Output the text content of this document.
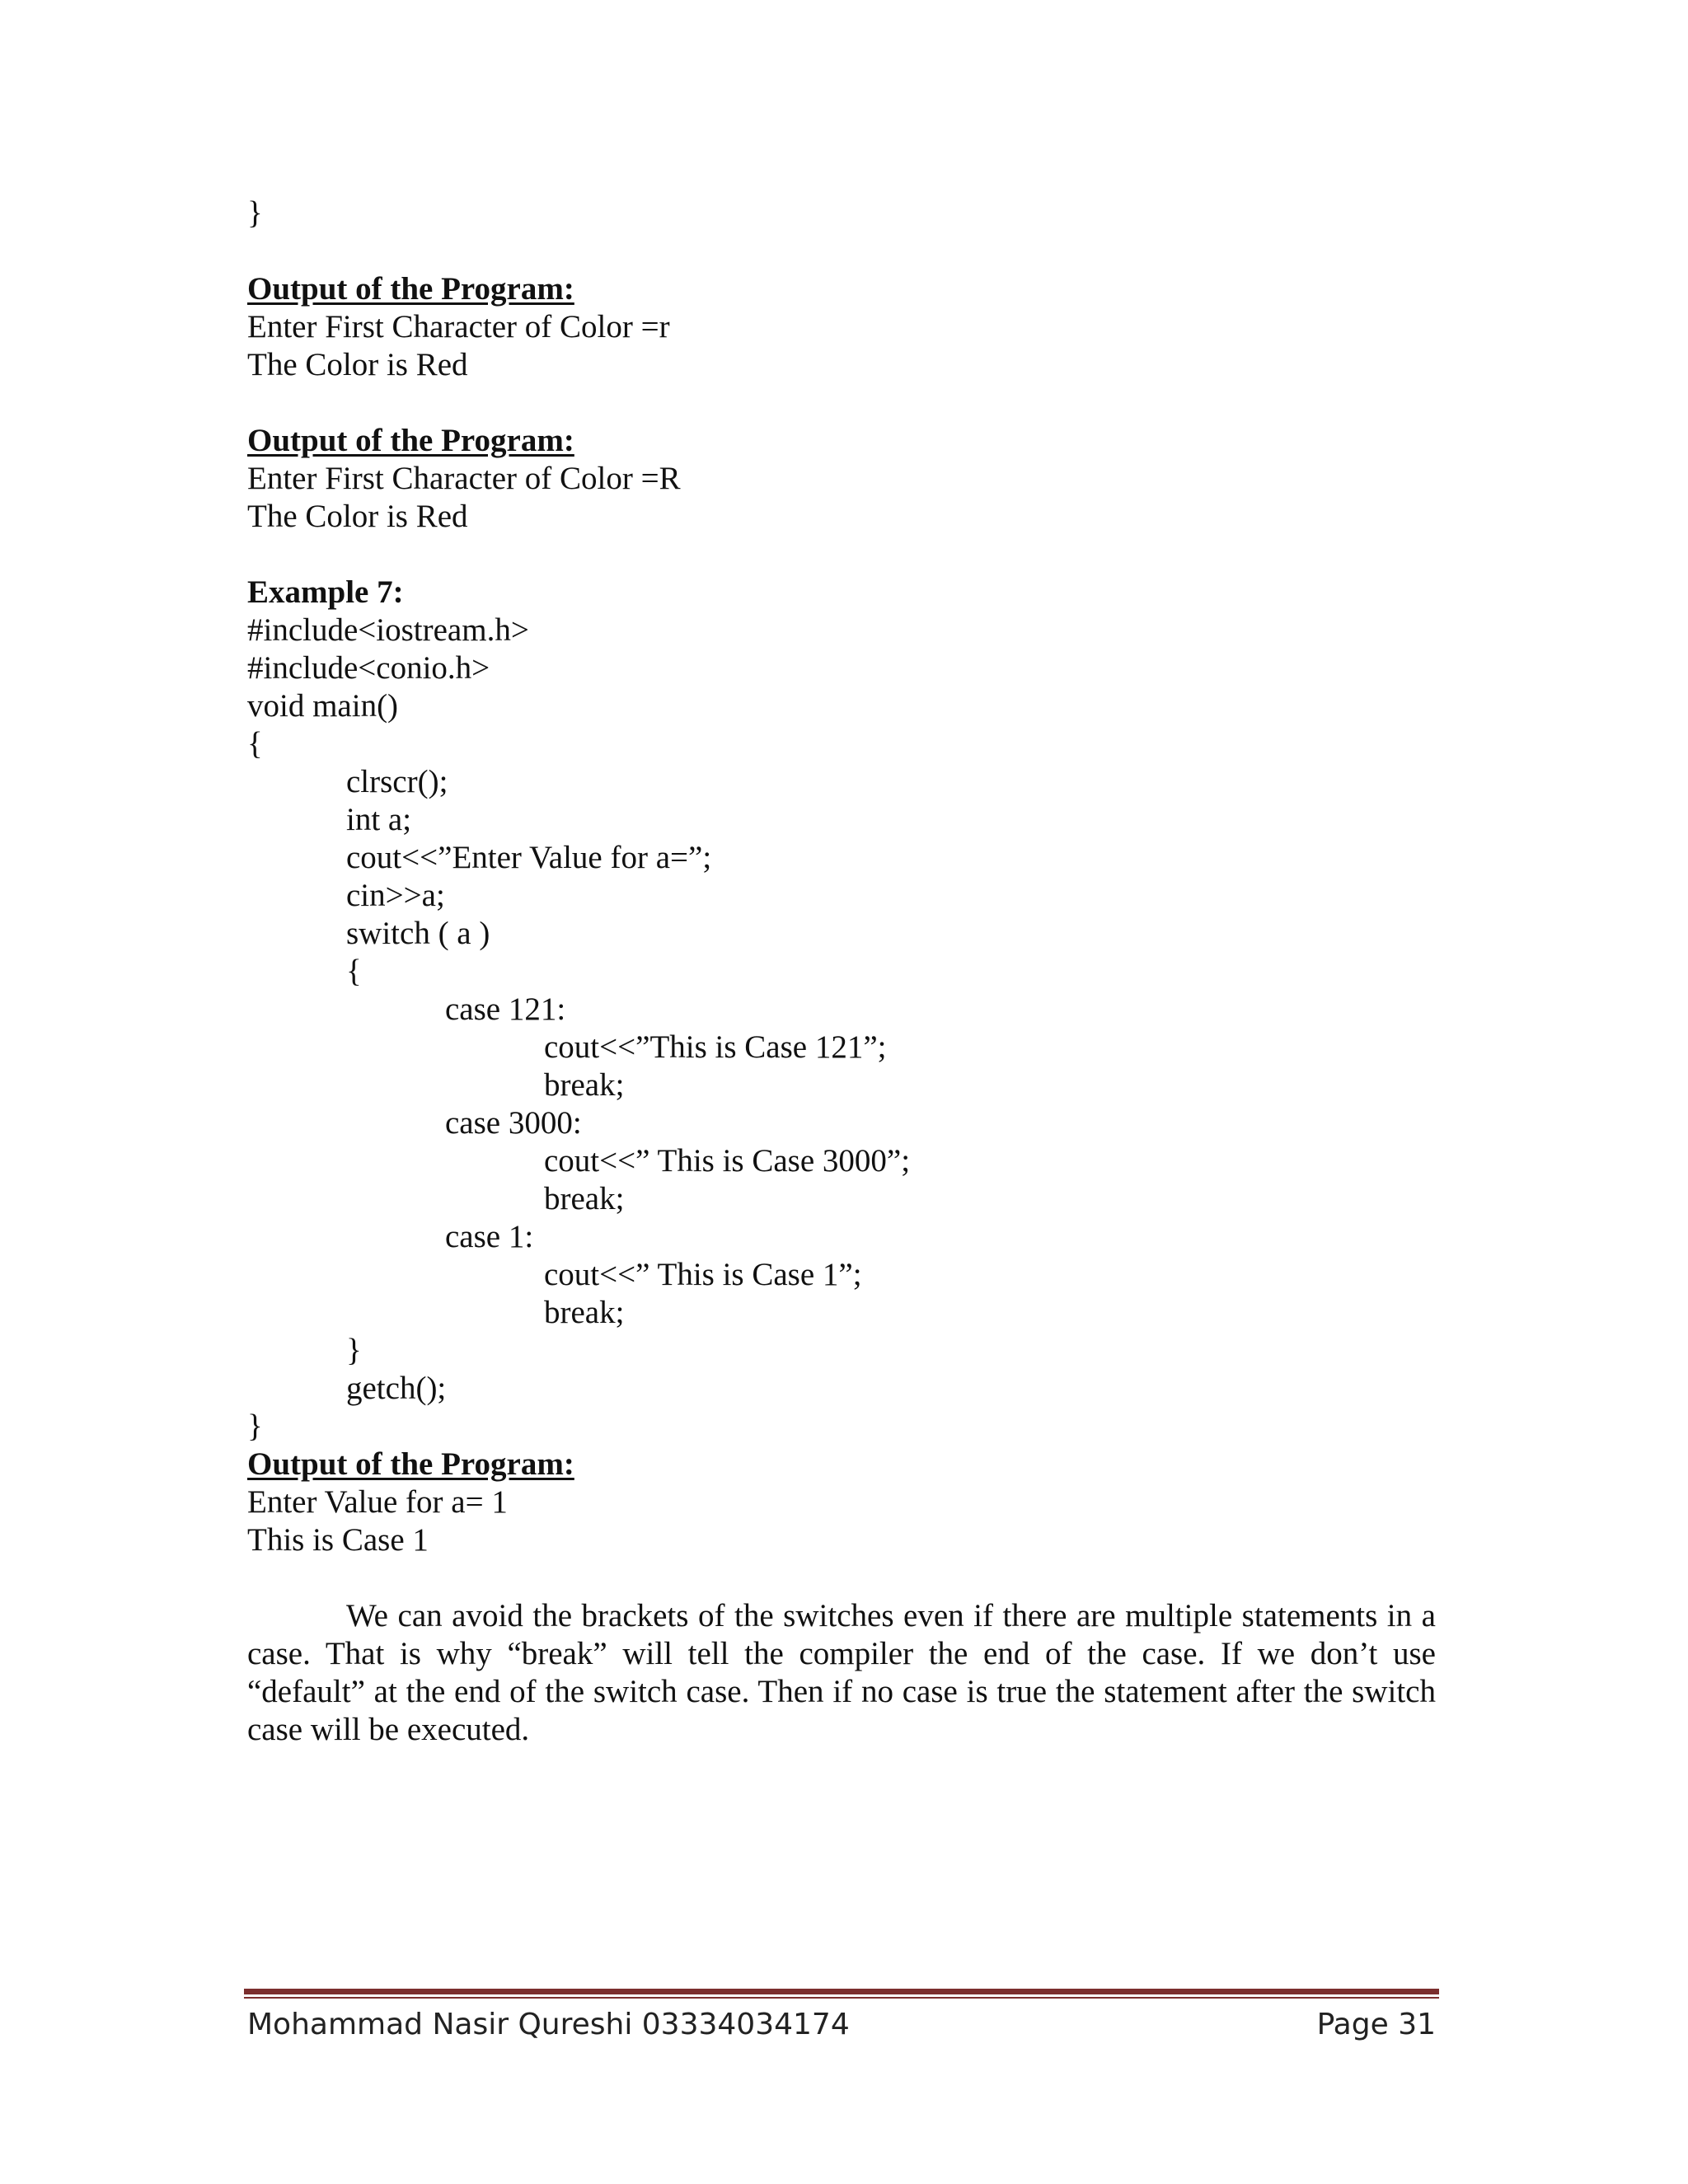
}
Output of the Program:
Enter First Character of Color =r
The Color is Red
Output of the Program:
Enter First Character of Color =R
The Color is Red
Example 7:
#include<iostream.h>
#include<conio.h>
void main()
{
clrscr();
int a;
cout<<”Enter Value for a=”;
cin>>a;
switch ( a )
{
case 121:
cout<<”This is Case 121”;
break;
case 3000:
cout<<” This is Case 3000”;
break;
case 1:
cout<<” This is Case 1”;
break;
}
getch();
}
Output of the Program:
Enter Value for a= 1
This is Case 1
We can avoid the brackets of the switches even if there are multiple statements in a case. That is why “break” will tell the compiler the end of the case. If we don’t use “default” at the end of the switch case. Then if no case is true the statement after the switch case will be executed.
Mohammad Nasir Qureshi 03334034174	Page 31
